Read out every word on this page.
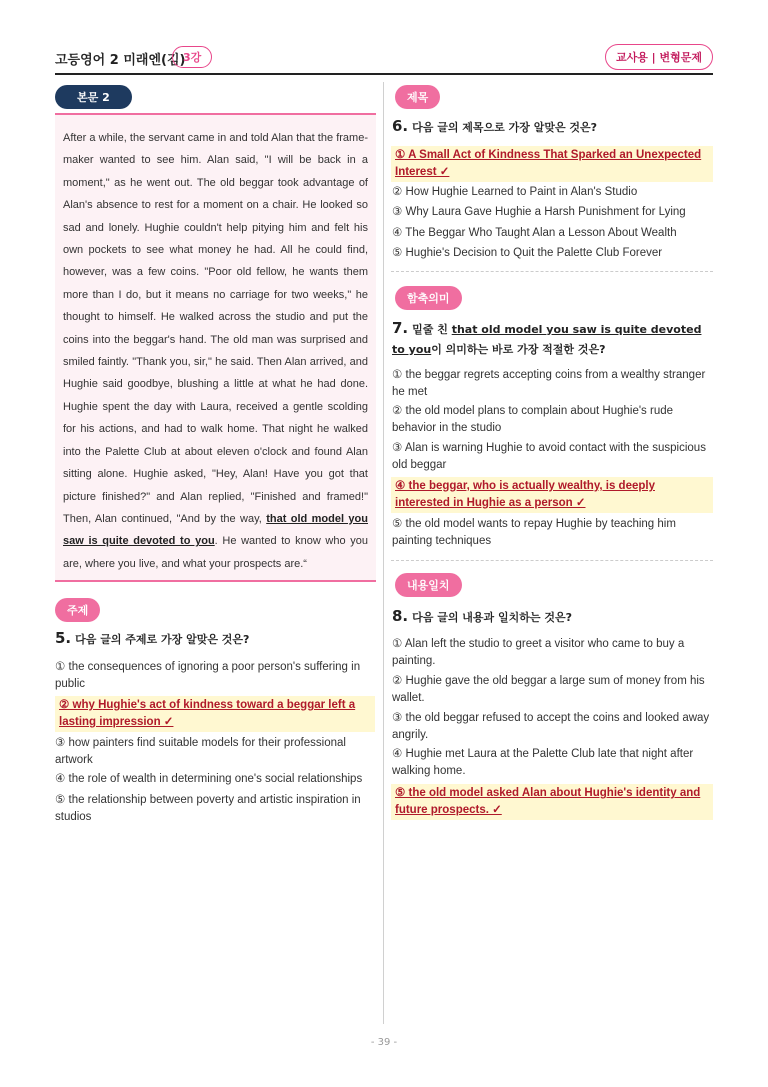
고등영어 2 미래엔(김)
3강	교사용 | 변형문제
본문 2
After a while, the servant came in and told Alan that the frame-maker wanted to see him. Alan said, "I will be back in a moment," as he went out. The old beggar took advantage of Alan's absence to rest for a moment on a chair. He looked so sad and lonely. Hughie couldn't help pitying him and felt his own pockets to see what money he had. All he could find, however, was a few coins. "Poor old fellow, he wants them more than I do, but it means no carriage for two weeks," he thought to himself. He walked across the studio and put the coins into the beggar's hand. The old man was surprised and smiled faintly. "Thank you, sir," he said. Then Alan arrived, and Hughie said goodbye, blushing a little at what he had done. Hughie spent the day with Laura, received a gentle scolding for his actions, and had to walk home. That night he walked into the Palette Club at about eleven o'clock and found Alan sitting alone. Hughie asked, "Hey, Alan! Have you got that picture finished?" and Alan replied, "Finished and framed!" Then, Alan continued, "And by the way, that old model you saw is quite devoted to you. He wanted to know who you are, where you live, and what your prospects are.“
주제
5. 다음 글의 주제로 가장 알맞은 것은?
① the consequences of ignoring a poor person's suffering in public
② why Hughie's act of kindness toward a beggar left a lasting impression ✓
③ how painters find suitable models for their professional artwork
④ the role of wealth in determining one's social relationships
⑤ the relationship between poverty and artistic inspiration in studios
제목
6. 다음 글의 제목으로 가장 알맞은 것은?
① A Small Act of Kindness That Sparked an Unexpected Interest ✓
② How Hughie Learned to Paint in Alan's Studio
③ Why Laura Gave Hughie a Harsh Punishment for Lying
④ The Beggar Who Taught Alan a Lesson About Wealth
⑤ Hughie's Decision to Quit the Palette Club Forever
함축의미
7. 밑줄 친 that old model you saw is quite devoted to you이 의미하는 바로 가장 적절한 것은?
① the beggar regrets accepting coins from a wealthy stranger he met
② the old model plans to complain about Hughie's rude behavior in the studio
③ Alan is warning Hughie to avoid contact with the suspicious old beggar
④ the beggar, who is actually wealthy, is deeply interested in Hughie as a person ✓
⑤ the old model wants to repay Hughie by teaching him painting techniques
내용일치
8. 다음 글의 내용과 일치하는 것은?
① Alan left the studio to greet a visitor who came to buy a painting.
② Hughie gave the old beggar a large sum of money from his wallet.
③ the old beggar refused to accept the coins and looked away angrily.
④ Hughie met Laura at the Palette Club late that night after walking home.
⑤ the old model asked Alan about Hughie's identity and future prospects. ✓
- 39 -
